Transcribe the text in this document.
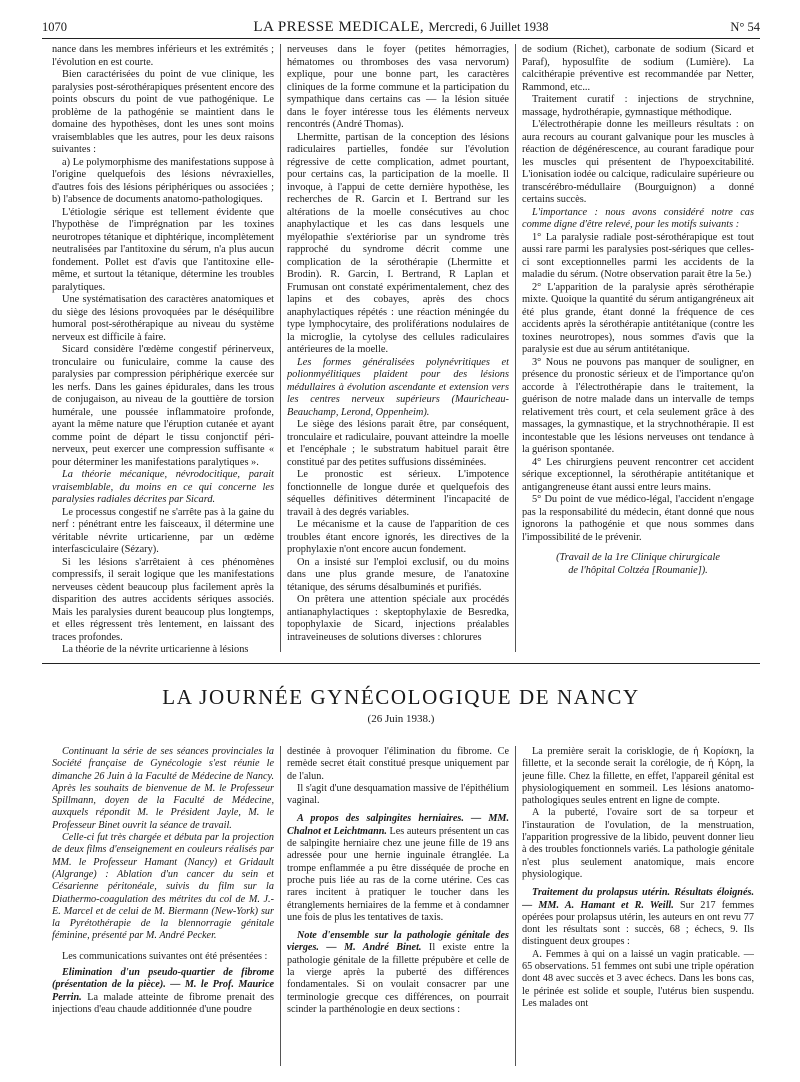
1070	LA PRESSE MEDICALE, Mercredi, 6 Juillet 1938	N° 54

nance dans les membres inférieurs et les extrémités ; l'évolution en est courte.

Bien caractérisées du point de vue clinique, les paralysies post-sérothérapiques présentent encore des points obscurs du point de vue pathogénique. Le problème de la pathogénie se maintient dans le domaine des hypothèses, dont les unes sont moins vraisemblables que les autres, pour les deux raisons suivantes :

a) Le polymorphisme des manifestations suppose à l'origine quelquefois des lésions névraxielles, d'autres fois des lésions périphériques ou associées ; b) l'absence de documents anatomo-pathologiques.

L'étiologie sérique est tellement évidente que l'hypothèse de l'imprégnation par les toxines neurotropes tétanique et diphtérique, incomplètement neutralisées par l'antitoxine du sérum, n'a plus aucun fondement. Pollet est d'avis que l'antitoxine elle-même, et surtout la tétanique, détermine les troubles paralytiques.

Une systématisation des caractères anatomiques et du siège des lésions provoquées par le déséquilibre humoral post-sérothérapique au niveau du système nerveux est difficile à faire.

Sicard considère l'œdème congestif périnerveux, tronculaire ou funiculaire, comme la cause des paralysies par compression périphérique exercée sur les nerfs. Dans les gaines épidurales, dans les trous de conjugaison, au niveau de la gouttière de torsion humérale, une poussée inflammatoire profonde, ayant la même nature que l'éruption cutanée et ayant comme point de départ le tissu conjonctif péri-nerveux, peut exercer une compression suffisante « pour déterminer les manifestations paralytiques ».

La théorie mécanique, névrodocitique, parait vraisemblable, du moins en ce qui concerne les paralysies radiales décrites par Sicard.

Le processus congestif ne s'arrête pas à la gaine du nerf : pénétrant entre les faisceaux, il détermine une véritable névrite urticarienne, par un œdème interfasciculaire (Sézary).

Si les lésions s'arrêtaient à ces phénomènes compressifs, il serait logique que les manifestations nerveuses cèdent beaucoup plus facilement après la disparition des autres accidents sériques associés. Mais les paralysies durent beaucoup plus longtemps, et elles régressent très lentement, en laissant des traces profondes.

La théorie de la névrite urticarienne à lésions

nerveuses dans le foyer (petites hémorragies, hématomes ou thromboses des vasa nervorum) explique, pour une bonne part, les caractères cliniques de la forme commune et la participation du sympathique dans certains cas — la lésion située dans le foyer intéresse tous les éléments nerveux rencontrés (André Thomas).

Lhermitte, partisan de la conception des lésions radiculaires partielles, fondée sur l'évolution régressive de cette complication, admet pourtant, pour certains cas, la participation de la moelle. Il invoque, à l'appui de cette dernière hypothèse, les recherches de R. Garcin et I. Bertrand sur les altérations de la moelle consécutives au choc anaphylactique et les cas dans lesquels une myélopathie s'extériorise par un syndrome très rapproché du syndrome décrit comme une complication de la sérothérapie (Lhermitte et Brodin). R. Garcin, I. Bertrand, R Laplan et Frumusan ont constaté expérimentalement, chez des lapins et des cobayes, après des chocs anaphylactiques répétés : une réaction méningée du type lymphocytaire, des proliférations nodulaires de la microglie, la cytolyse des cellules radiculaires antérieures de la moelle.

Les formes généralisées polynévritiques et polionmyélitiques plaident pour des lésions médullaires à évolution ascendante et extension vers les centres nerveux supérieurs (Mauricheau-Beauchamp, Lerond, Oppenheim).

Le siège des lésions parait être, par conséquent, tronculaire et radiculaire, pouvant atteindre la moelle et l'encéphale ; le substratum habituel parait être constitué par des petites suffusions disséminées.

Le pronostic est sérieux. L'impotence fonctionnelle de longue durée et quelquefois des séquelles définitives déterminent l'incapacité de travail à des degrés variables.

Le mécanisme et la cause de l'apparition de ces troubles étant encore ignorés, les directives de la prophylaxie n'ont encore aucun fondement.

On a insisté sur l'emploi exclusif, ou du moins dans une plus grande mesure, de l'anatoxine tétanique, des sérums désalbuminés et purifiés.

On prêtera une attention spéciale aux procédés antianaphylactiques : skeptophylaxie de Besredka, topophylaxie de Sicard, injections préalables intraveineuses de solutions diverses : chlorures

de sodium (Richet), carbonate de sodium (Sicard et Paraf), hyposulfite de sodium (Lumière). La calcithérapie préventive est recommandée par Netter, Rammond, etc...

Traitement curatif : injections de strychnine, massage, hydrothérapie, gymnastique méthodique.

L'électrothérapie donne les meilleurs résultats : on aura recours au courant galvanique pour les muscles à réaction de dégénérescence, au courant faradique pour les muscles qui présentent de l'hypoexcitabilité. L'ionisation iodée ou calcique, radiculaire supérieure ou transcérébro-médullaire (Bourguignon) a donné certains succès.

L'importance : nous avons considéré notre cas comme digne d'être relevé, pour les motifs suivants :

1° La paralysie radiale post-sérothérapique est tout aussi rare parmi les paralysies post-sériques que celles-ci sont exceptionnelles parmi les accidents de la maladie du sérum. (Notre observation parait être la 5e.)

2° L'apparition de la paralysie après sérothérapie mixte. Quoique la quantité du sérum antigangréneux ait été plus grande, étant donné la fréquence de ces accidents après la sérothérapie antitétanique (contre les toxines neurotropes), nous sommes d'avis que la paralysie est due au sérum antitétanique.

3° Nous ne pouvons pas manquer de souligner, en présence du pronostic sérieux et de l'importance qu'on accorde à l'électrothérapie dans le traitement, la guérison de notre malade dans un intervalle de temps relativement très court, et cela seulement grâce à des massages, la gymnastique, et la strychnothérapie. Il est incontestable que les lésions nerveuses ont tendance à la guérison spontanée.

4° Les chirurgiens peuvent rencontrer cet accident sérique exceptionnel, la sérothérapie antitétanique et antigangreneuse étant aussi entre leurs mains.

5° Du point de vue médico-légal, l'accident n'engage pas la responsabilité du médecin, étant donné que nous ignorons la pathogénie et que nous sommes dans l'impossibilité de le prévenir.

(Travail de la 1re Clinique chirurgicale
de l'hôpital Coltzéa [Roumanie]).

LA JOURNÉE GYNÉCOLOGIQUE DE NANCY
(26 Juin 1938.)

Continuant la série de ses séances provinciales la Société française de Gynécologie s'est réunie le dimanche 26 Juin à la Faculté de Médecine de Nancy. Après les souhaits de bienvenue de M. le Professeur Spillmann, doyen de la Faculté de Médecine, auxquels répondit M. le Président Jayle, M. le Professeur Binet ouvrit la séance de travail.

Celle-ci fut très chargée et débuta par la projection de deux films d'enseignement en couleurs réalisés par MM. le Professeur Hamant (Nancy) et Gridault (Algrange) : Ablation d'un cancer du sein et Césarienne péritonéale, suivis du film sur la Diathermo-coagulation des métrites du col de M. J.-E. Marcel et de celui de M. Biermann (New-York) sur la Pyrétothérapie de la blennorragie génitale féminine, présenté par M. André Pecker.

Les communications suivantes ont été présentées :

Elimination d'un pseudo-quartier de fibrome (présentation de la pièce). — M. le Prof. Maurice Perrin. La malade atteinte de fibrome prenait des injections d'eau chaude additionnée d'une poudre

destinée à provoquer l'élimination du fibrome. Ce remède secret était constitué presque uniquement par de l'alun.

Il s'agit d'une desquamation massive de l'épithélium vaginal.

A propos des salpingites herniaires. — MM. Chalnot et Leichtmann. Les auteurs présentent un cas de salpingite herniaire chez une jeune fille de 19 ans adressée pour une hernie inguinale étranglée. La trompe enflammée a pu être disséquée de proche en proche puis liée au ras de la corne utérine. Ces cas rares incitent à pratiquer le toucher dans les étranglements herniaires de la femme et à condamner une fois de plus les tentatives de taxis.

Note d'ensemble sur la pathologie génitale des vierges. — M. André Binet. Il existe entre la pathologie génitale de la fillette prépubère et celle de la vierge après la puberté des différences fondamentales. Si on voulait consacrer par une terminologie grecque ces différences, on pourrait scinder la parthénologie en deux sections :

La première serait la corisklogie, de ἡ Κορίσκη, la fillette, et la seconde serait la corélogie, de ἡ Κόρη, la jeune fille. Chez la fillette, en effet, l'appareil génital est physiologiquement en sommeil. Les lésions anatomo-pathologiques seules entrent en ligne de compte.

A la puberté, l'ovaire sort de sa torpeur et l'instauration de l'ovulation, de la menstruation, l'apparition progressive de la libido, peuvent donner lieu à des troubles fonctionnels variés. La pathologie génitale n'est plus seulement anatomique, mais encore physiologique.

Traitement du prolapsus utérin. Résultats éloignés. — MM. A. Hamant et R. Weill. Sur 217 femmes opérées pour prolapsus utérin, les auteurs en ont revu 77 dont les résultats sont : succès, 68 ; échecs, 9. Ils distinguent deux groupes :

A. Femmes à qui on a laissé un vagin praticable. — 65 observations. 51 femmes ont subi une triple opération dont 48 avec succès et 3 avec échecs. Dans les bons cas, le périnée est solide et souple, l'utérus bien suspendu. Les malades ont
